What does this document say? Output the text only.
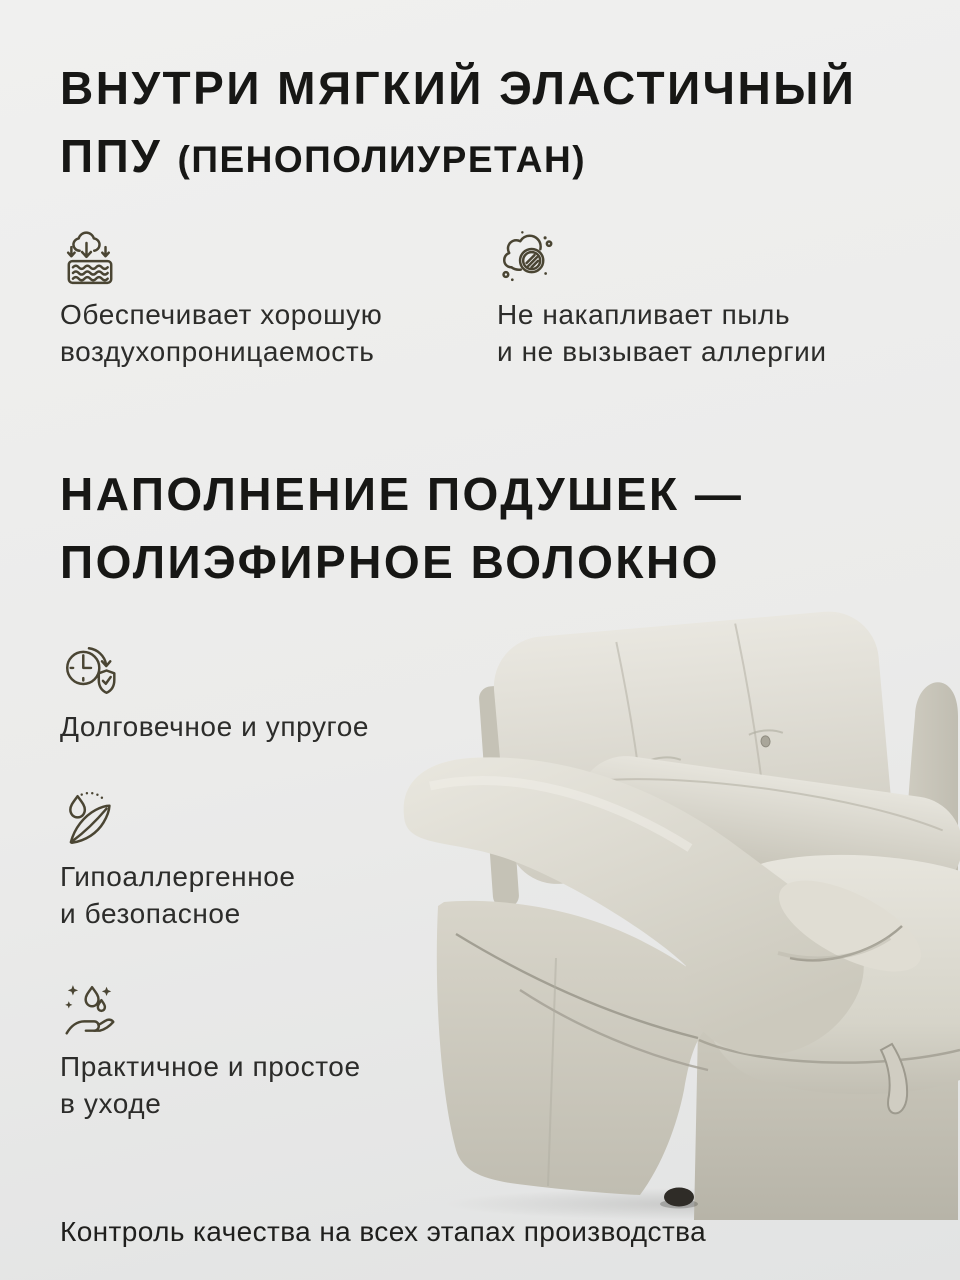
ВНУТРИ МЯГКИЙ ЭЛАСТИЧНЫЙ
ППУ (ПЕНОПОЛИУРЕТАН)

Обеспечивает хорошую
воздухопроницаемость

Не накапливает пыль
и не вызывает аллергии

НАПОЛНЕНИЕ ПОДУШЕК —
ПОЛИЭФИРНОЕ ВОЛОКНО

Долговечное и упругое

Гипоаллергенное
и безопасное

Практичное и простое
в уходе

Контроль качества на всех этапах производства
